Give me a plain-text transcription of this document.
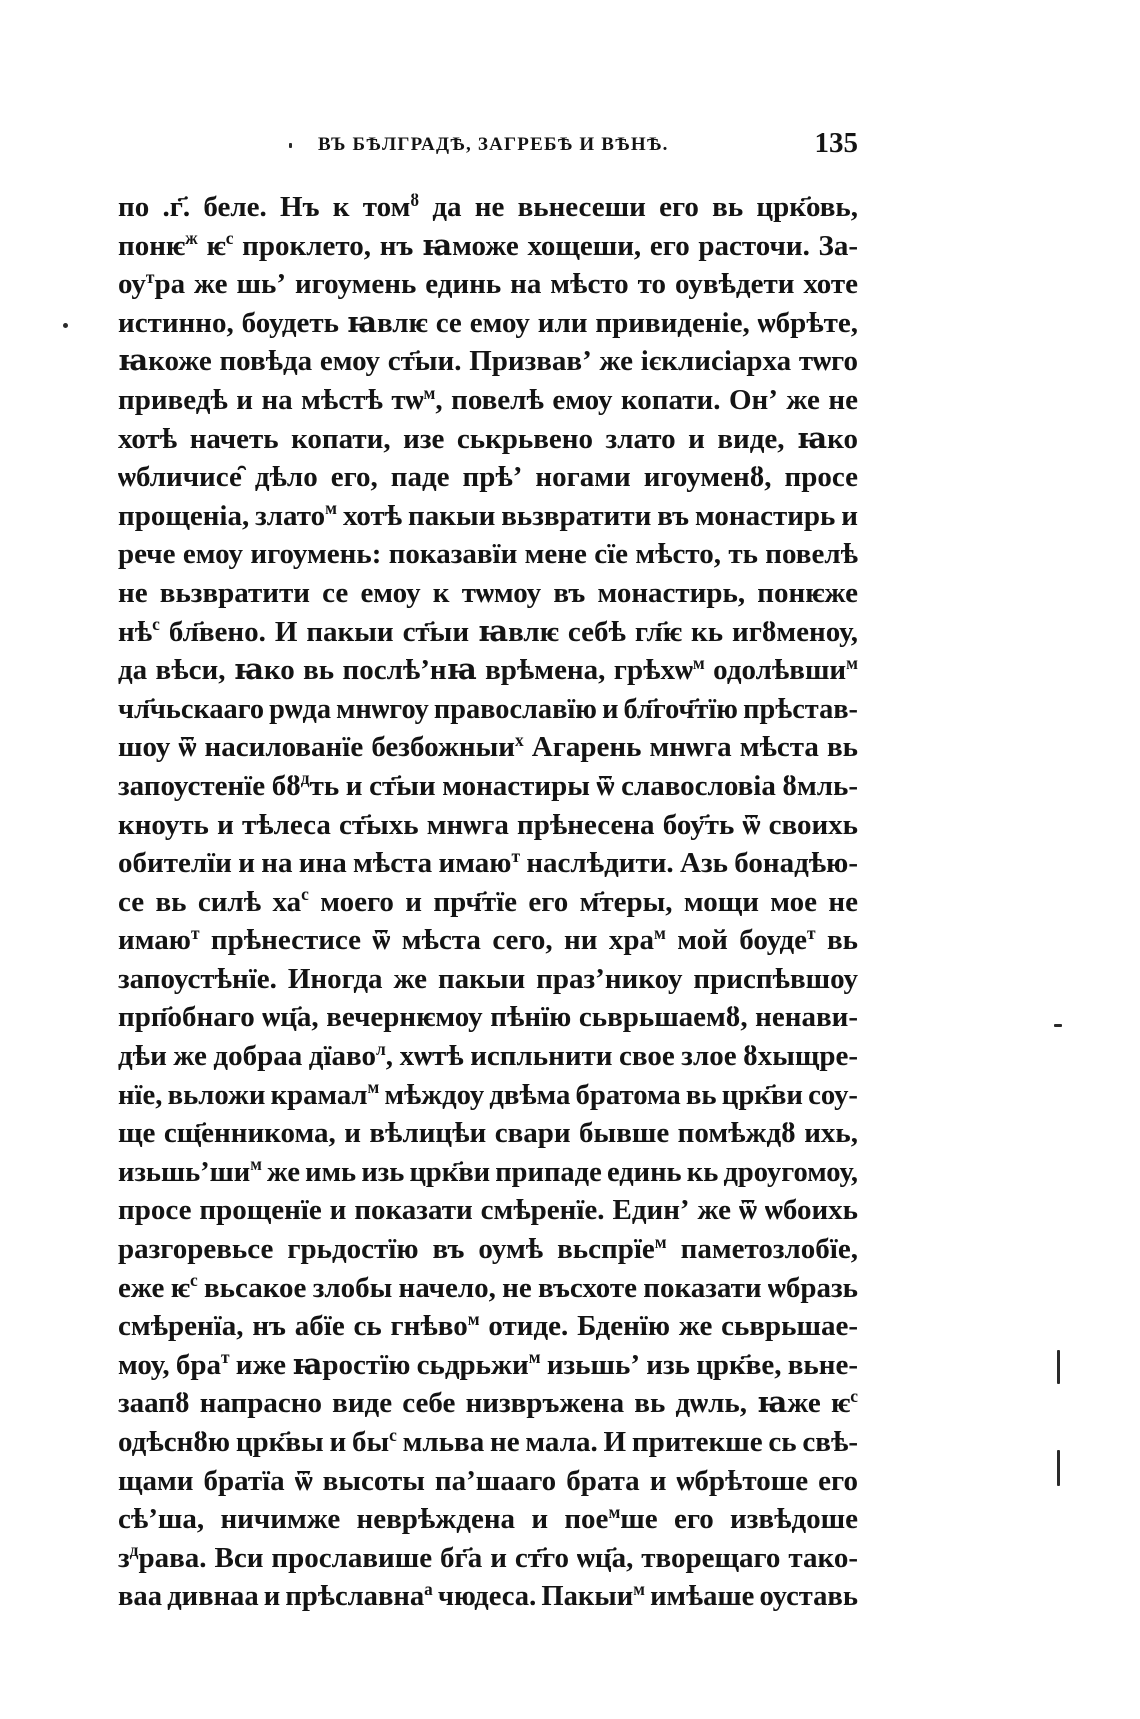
ВЪ БѢЛГРАДѢ, ЗАГРЕБѢ И ВѢНѢ.	135
по .г҃. беле. Нъ к том$^ȣ$ да не вьнесеши его вь црк҃овь,
понѥ$^ж$ $ѥ^с$ проклето, нъ ꙗможе хощеши, его расточи. За-
$оу^тра$ же шьʼ игоумень единь на мѣсто то оувѣдети хоте
истинно, боудеть ꙗвлѥ се емоу или привиденіе, ѡбрѣте,
ꙗкоже повѣда емоу ст҃ыи. Призвавʼ же ієклисіарха тѡго
приведѣ и на мѣстѣ $тѡ^м$, повелѣ емоу копати. Онʼ же не
хотѣ начеть копати, изе ськрьвено злато и виде, ꙗко
ѡбличисе̑ дѣло его, паде прѣʼ ногами игоуменȣ, просе
прощеніа, злато$^м$ хотѣ пакыи вьзвратити въ монастирь и
рече емоу игоумень: показавїи мене сїе мѣсто, ть повелѣ
не вьзвратити се емоу к тѡмоу въ монастирь, понѥже
$нѣ^с$ бл҃вено. И пакыи ст҃ыи ꙗвлѥ себѣ гл҃ѥ кь игȣменоу,
да вѣси, ꙗко вь послѣʼнꙗ врѣмена, грѣхѡ$^м$ одолѣвши$^м$
чл҃чьскааго рѡда мнѡгоу православїю и бл҃гоч҃тїю прѣстав-
шоу ѿ насилованїе безбожныи$^х$ Агарень мнѡга мѣста вь
запоустенїе $бȣ^дть$ и ст҃ыи монастиры ѿ славословіа ȣмль-
кноуть и тѣлеса ст҃ыхь мнѡга прѣнесена боу҃ть ѿ своихь
обителїи и на ина мѣста имаю$^т$ наслѣдити. Азь бонадѣю-
се вь силѣ $ха^с$ моего и прч҃тїе его м҃теры, мощи мое не
имаю$^т$ прѣнестисе ѿ мѣста сего, ни хра$^м$ мой боуде$^т$ вь
запоустѣнїе. Иногда же пакыи празʼникоу приспѣвшоу
прп҃обнаго ѡц҃а, вечернѥмоу пѣнїю сьврьшаемȣ, ненави-
дѣи же добраа дїаво$^л$, хѡтѣ испльнити свое злое ȣхыщре-
нїе, вьложи крамал$^м$ мѣждоу двѣма братома вь црк҃ви соу-
ще сщ҃енникома, и вѣлицѣи свари бывше помѣждȣ ихь,
изьшьʼши$^м$ же имь изь црк҃ви припаде единь кь дроугомоу,
просе прощенїе и показати смѣренїе. Единʼ же ѿ ѡбоихь
разгоревьсе грьдостїю въ оумѣ вьспрїе$^м$ паметозлобїе,
еже $ѥ^с$ вьсакое злобы начело, не въсхоте показати ѡбразь
смѣренїа, нъ абїе сь гнѣво$^м$ отиде. Бденїю же сьврьшае-
моу, бра$^т$ иже ꙗростїю сьдрьжи$^м$ изьшьʼ изь црк҃ве, вьне-
заапȣ напрасно виде себе низвръжена вь дѡль, ꙗже $ѥ^с$
одѣснȣю црк҃вы и $бы^с$ мльва не мала. И притекше сь свѣ-
щами братїа ѿ высоты паʼшааго брата и ѡбрѣтоше его
сѣʼша, ничимже неврѣждена и пое$^м$ше его извѣдоше
$з^драва$. Вси прославише бг҃а и ст҃го ѡц҃а, творещаго тако-
ваа дивнаа и прѣславна$^а$ чюдеса. Пакыи$^м$ имѣаше оуставь
